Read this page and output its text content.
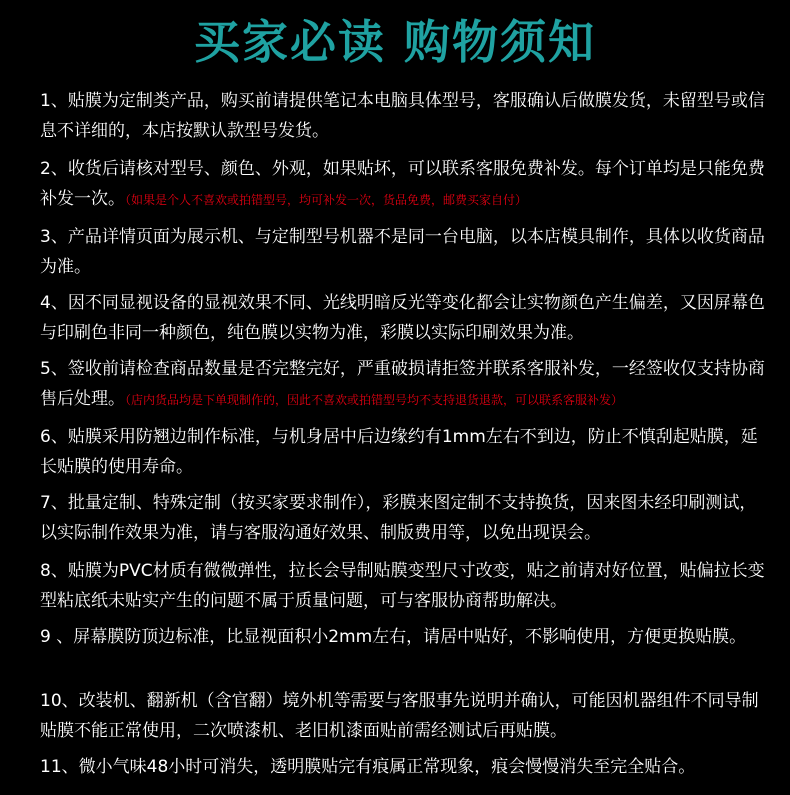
买家必读 购物须知
1、贴膜为定制类产品，购买前请提供笔记本电脑具体型号，客服确认后做膜发货，未留型号或信息不详细的，本店按默认款型号发货。
2、收货后请核对型号、颜色、外观，如果贴坏，可以联系客服免费补发。每个订单均是只能免费补发一次。（如果是个人不喜欢或拍错型号，均可补发一次，货品免费，邮费买家自付）
3、产品详情页面为展示机、与定制型号机器不是同一台电脑，以本店模具制作，具体以收货商品为准。
4、因不同显视设备的显视效果不同、光线明暗反光等变化都会让实物颜色产生偏差，又因屏幕色与印刷色非同一种颜色，纯色膜以实物为准，彩膜以实际印刷效果为准。
5、签收前请检查商品数量是否完整完好，严重破损请拒签并联系客服补发，一经签收仅支持协商售后处理。（店内货品均是下单现制作的，因此不喜欢或拍错型号均不支持退货退款，可以联系客服补发）
6、贴膜采用防翘边制作标准，与机身居中后边缘约有1mm左右不到边，防止不慎刮起贴膜，延长贴膜的使用寿命。
7、批量定制、特殊定制（按买家要求制作），彩膜来图定制不支持换货，因来图未经印刷测试，以实际制作效果为准，请与客服沟通好效果、制版费用等，以免出现误会。
8、贴膜为PVC材质有微微弹性，拉长会导制贴膜变型尺寸改变，贴之前请对好位置，贴偏拉长变型粘底纸未贴实产生的问题不属于质量问题，可与客服协商帮助解决。
9 、屏幕膜防顶边标准，比显视面积小2mm左右，请居中贴好，不影响使用，方便更换贴膜。
10、改装机、翻新机（含官翻）境外机等需要与客服事先说明并确认，可能因机器组件不同导制贴膜不能正常使用，二次喷漆机、老旧机漆面贴前需经测试后再贴膜。
11、微小气味48小时可消失，透明膜贴完有痕属正常现象，痕会慢慢消失至完全贴合。
